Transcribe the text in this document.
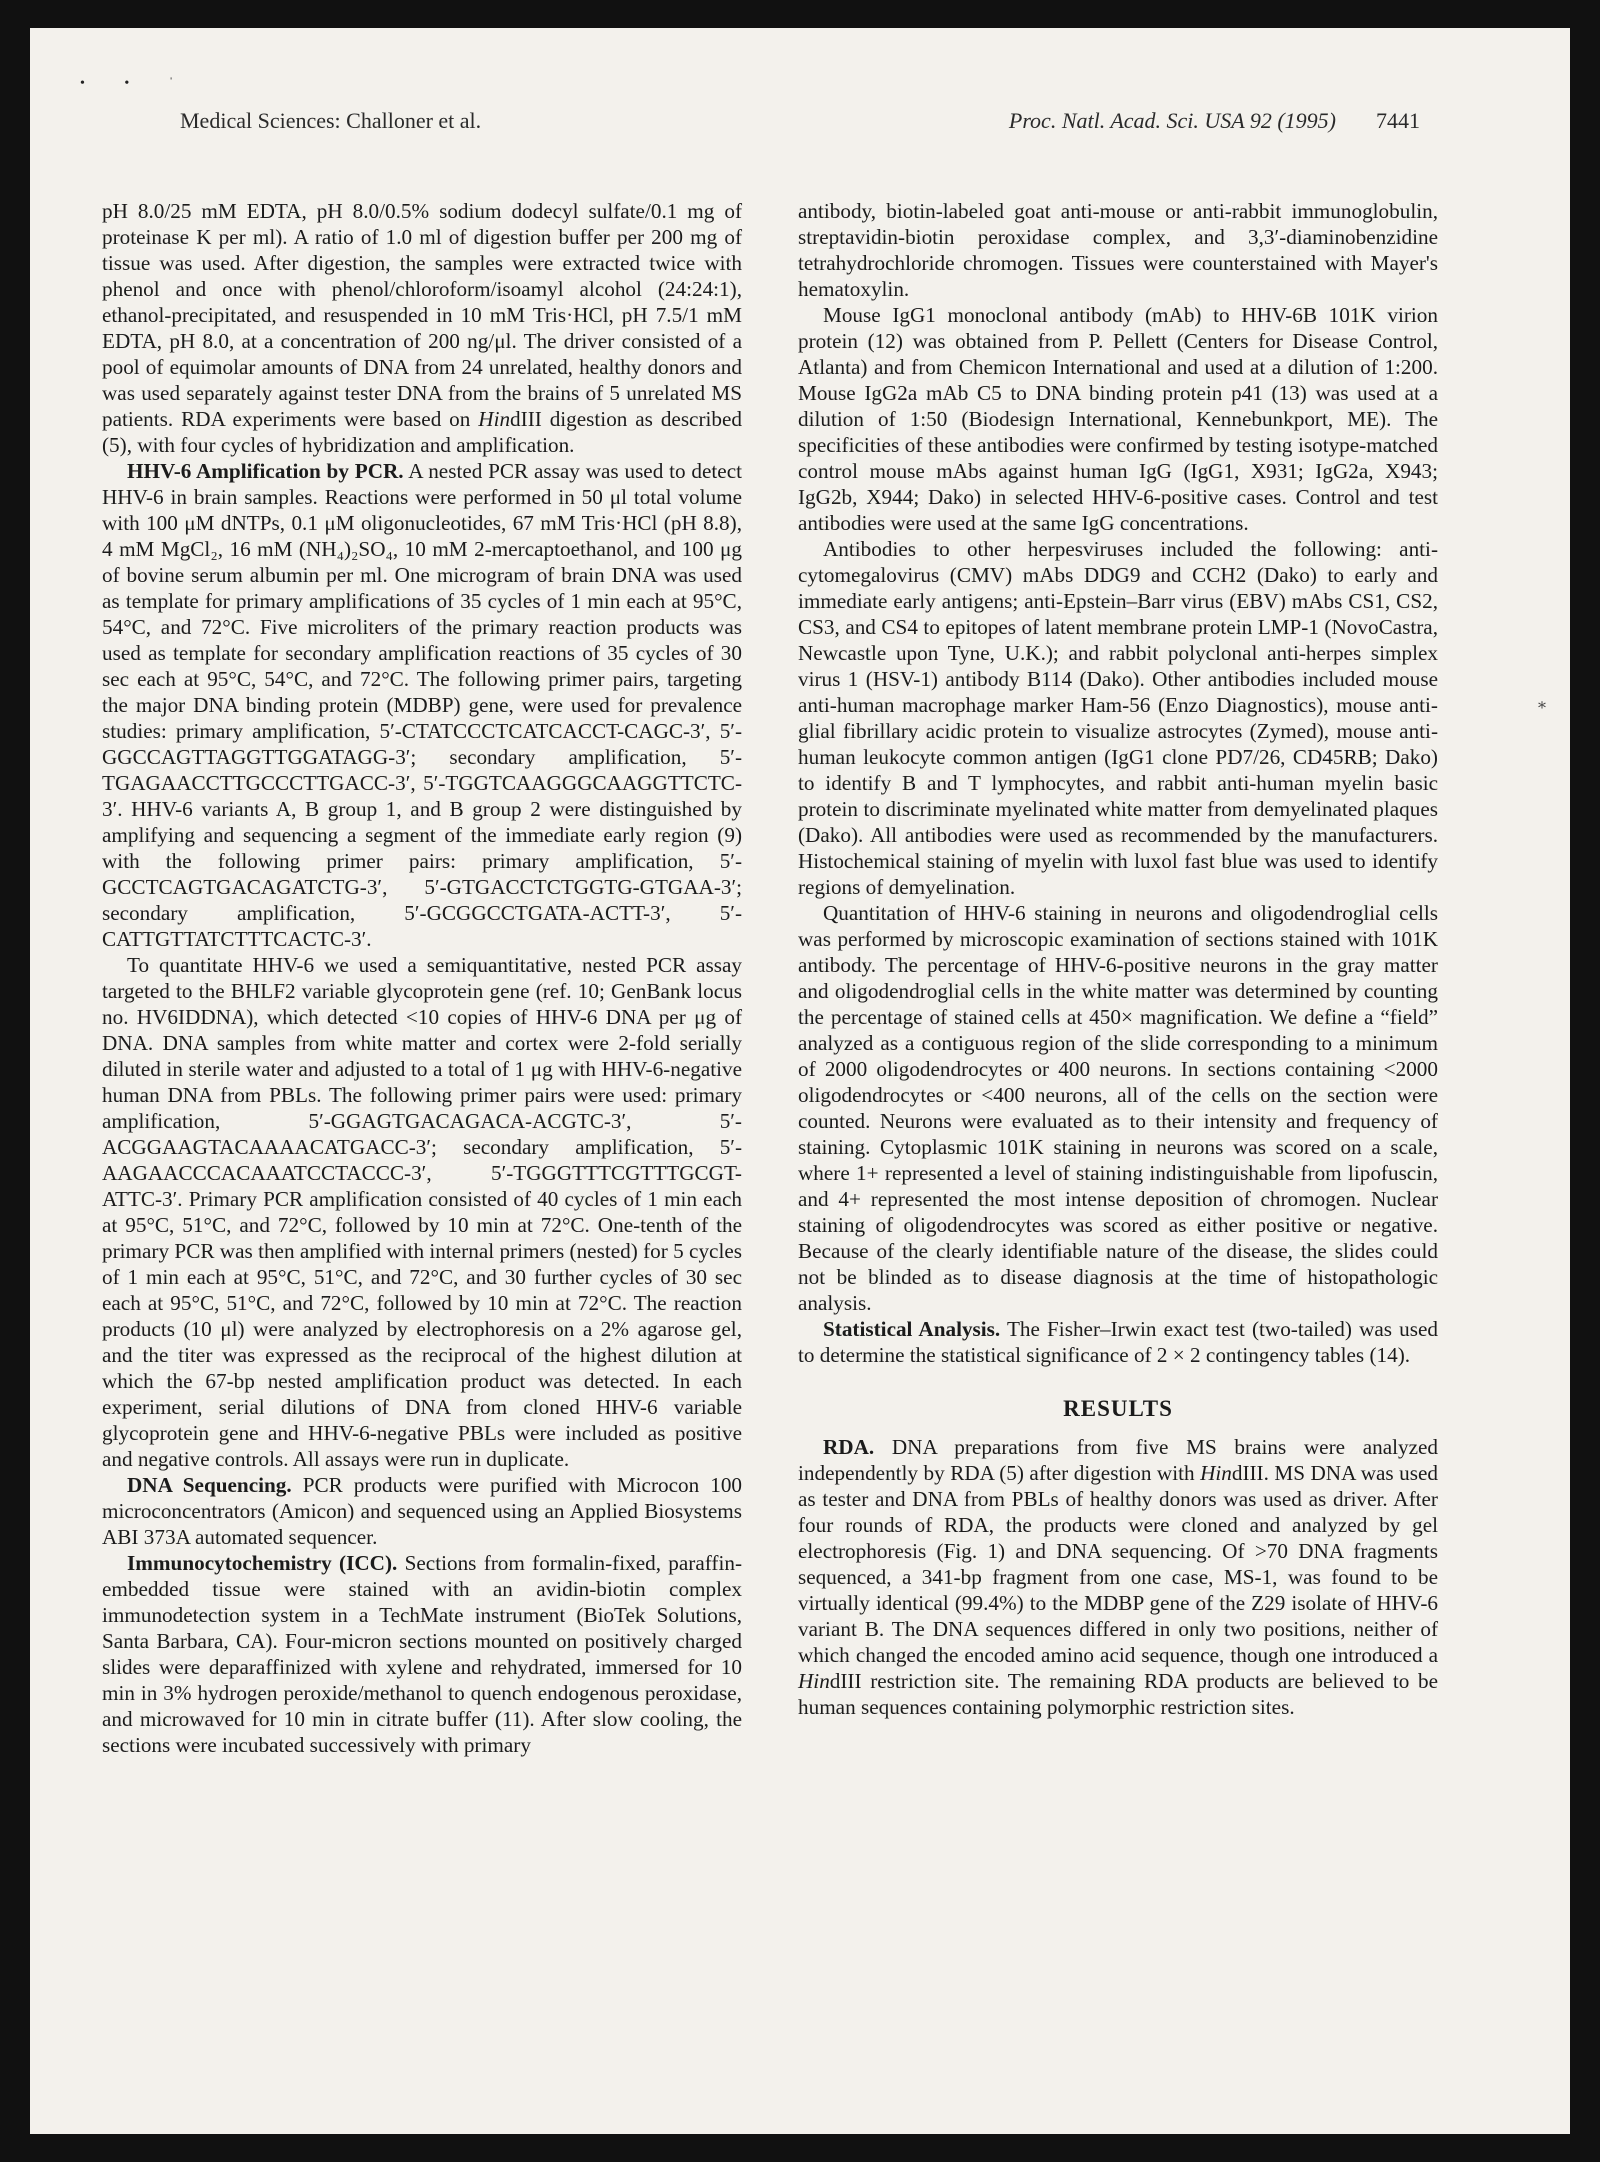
• • ˈ
⁎
Medical Sciences: Challoner et al.	Proc. Natl. Acad. Sci. USA 92 (1995) 7441

pH 8.0/25 mM EDTA, pH 8.0/0.5% sodium dodecyl sulfate/0.1 mg of proteinase K per ml). A ratio of 1.0 ml of digestion buffer per 200 mg of tissue was used. After digestion, the samples were extracted twice with phenol and once with phenol/chloroform/isoamyl alcohol (24:24:1), ethanol-precipitated, and resuspended in 10 mM Tris·HCl, pH 7.5/1 mM EDTA, pH 8.0, at a concentration of 200 ng/μl. The driver consisted of a pool of equimolar amounts of DNA from 24 unrelated, healthy donors and was used separately against tester DNA from the brains of 5 unrelated MS patients. RDA experiments were based on HindIII digestion as described (5), with four cycles of hybridization and amplification.

HHV-6 Amplification by PCR. A nested PCR assay was used to detect HHV-6 in brain samples. Reactions were performed in 50 μl total volume with 100 μM dNTPs, 0.1 μM oligonucleotides, 67 mM Tris·HCl (pH 8.8), 4 mM MgCl₂, 16 mM (NH₄)₂SO₄, 10 mM 2-mercaptoethanol, and 100 μg of bovine serum albumin per ml. One microgram of brain DNA was used as template for primary amplifications of 35 cycles of 1 min each at 95°C, 54°C, and 72°C. Five microliters of the primary reaction products was used as template for secondary amplification reactions of 35 cycles of 30 sec each at 95°C, 54°C, and 72°C. The following primer pairs, targeting the major DNA binding protein (MDBP) gene, were used for prevalence studies: primary amplification, 5′-CTATCCCTCATCACCT-CAGC-3′, 5′-GGCCAGTTAGGTTGGATAGG-3′; secondary amplification, 5′-TGAGAACCTTGCCCTTGACC-3′, 5′-TGGTCAAGGGCAAGGTTCTC-3′. HHV-6 variants A, B group 1, and B group 2 were distinguished by amplifying and sequencing a segment of the immediate early region (9) with the following primer pairs: primary amplification, 5′-GCCTCAGTGACAGATCTG-3′, 5′-GTGACCTCTGGTG-GTGAA-3′; secondary amplification, 5′-GCGGCCTGATA-ACTT-3′, 5′-CATTGTTATCTTTCACTC-3′.

To quantitate HHV-6 we used a semiquantitative, nested PCR assay targeted to the BHLF2 variable glycoprotein gene (ref. 10; GenBank locus no. HV6IDDNA), which detected <10 copies of HHV-6 DNA per μg of DNA. DNA samples from white matter and cortex were 2-fold serially diluted in sterile water and adjusted to a total of 1 μg with HHV-6-negative human DNA from PBLs. The following primer pairs were used: primary amplification, 5′-GGAGTGACAGACA-ACGTC-3′, 5′-ACGGAAGTACAAAACATGACC-3′; secondary amplification, 5′-AAGAACCCACAAATCCTACCC-3′, 5′-TGGGTTTCGTTTGCGT-ATTC-3′. Primary PCR amplification consisted of 40 cycles of 1 min each at 95°C, 51°C, and 72°C, followed by 10 min at 72°C. One-tenth of the primary PCR was then amplified with internal primers (nested) for 5 cycles of 1 min each at 95°C, 51°C, and 72°C, and 30 further cycles of 30 sec each at 95°C, 51°C, and 72°C, followed by 10 min at 72°C. The reaction products (10 μl) were analyzed by electrophoresis on a 2% agarose gel, and the titer was expressed as the reciprocal of the highest dilution at which the 67-bp nested amplification product was detected. In each experiment, serial dilutions of DNA from cloned HHV-6 variable glycoprotein gene and HHV-6-negative PBLs were included as positive and negative controls. All assays were run in duplicate.

DNA Sequencing. PCR products were purified with Microcon 100 microconcentrators (Amicon) and sequenced using an Applied Biosystems ABI 373A automated sequencer.

Immunocytochemistry (ICC). Sections from formalin-fixed, paraffin-embedded tissue were stained with an avidin-biotin complex immunodetection system in a TechMate instrument (BioTek Solutions, Santa Barbara, CA). Four-micron sections mounted on positively charged slides were deparaffinized with xylene and rehydrated, immersed for 10 min in 3% hydrogen peroxide/methanol to quench endogenous peroxidase, and microwaved for 10 min in citrate buffer (11). After slow cooling, the sections were incubated successively with primary

antibody, biotin-labeled goat anti-mouse or anti-rabbit immunoglobulin, streptavidin-biotin peroxidase complex, and 3,3′-diaminobenzidine tetrahydrochloride chromogen. Tissues were counterstained with Mayer's hematoxylin.

Mouse IgG1 monoclonal antibody (mAb) to HHV-6B 101K virion protein (12) was obtained from P. Pellett (Centers for Disease Control, Atlanta) and from Chemicon International and used at a dilution of 1:200. Mouse IgG2a mAb C5 to DNA binding protein p41 (13) was used at a dilution of 1:50 (Biodesign International, Kennebunkport, ME). The specificities of these antibodies were confirmed by testing isotype-matched control mouse mAbs against human IgG (IgG1, X931; IgG2a, X943; IgG2b, X944; Dako) in selected HHV-6-positive cases. Control and test antibodies were used at the same IgG concentrations.

Antibodies to other herpesviruses included the following: anti-cytomegalovirus (CMV) mAbs DDG9 and CCH2 (Dako) to early and immediate early antigens; anti-Epstein–Barr virus (EBV) mAbs CS1, CS2, CS3, and CS4 to epitopes of latent membrane protein LMP-1 (NovoCastra, Newcastle upon Tyne, U.K.); and rabbit polyclonal anti-herpes simplex virus 1 (HSV-1) antibody B114 (Dako). Other antibodies included mouse anti-human macrophage marker Ham-56 (Enzo Diagnostics), mouse anti-glial fibrillary acidic protein to visualize astrocytes (Zymed), mouse anti-human leukocyte common antigen (IgG1 clone PD7/26, CD45RB; Dako) to identify B and T lymphocytes, and rabbit anti-human myelin basic protein to discriminate myelinated white matter from demyelinated plaques (Dako). All antibodies were used as recommended by the manufacturers. Histochemical staining of myelin with luxol fast blue was used to identify regions of demyelination.

Quantitation of HHV-6 staining in neurons and oligodendroglial cells was performed by microscopic examination of sections stained with 101K antibody. The percentage of HHV-6-positive neurons in the gray matter and oligodendroglial cells in the white matter was determined by counting the percentage of stained cells at 450× magnification. We define a “field” analyzed as a contiguous region of the slide corresponding to a minimum of 2000 oligodendrocytes or 400 neurons. In sections containing <2000 oligodendrocytes or <400 neurons, all of the cells on the section were counted. Neurons were evaluated as to their intensity and frequency of staining. Cytoplasmic 101K staining in neurons was scored on a scale, where 1+ represented a level of staining indistinguishable from lipofuscin, and 4+ represented the most intense deposition of chromogen. Nuclear staining of oligodendrocytes was scored as either positive or negative. Because of the clearly identifiable nature of the disease, the slides could not be blinded as to disease diagnosis at the time of histopathologic analysis.

Statistical Analysis. The Fisher–Irwin exact test (two-tailed) was used to determine the statistical significance of 2 × 2 contingency tables (14).

RESULTS

RDA. DNA preparations from five MS brains were analyzed independently by RDA (5) after digestion with HindIII. MS DNA was used as tester and DNA from PBLs of healthy donors was used as driver. After four rounds of RDA, the products were cloned and analyzed by gel electrophoresis (Fig. 1) and DNA sequencing. Of >70 DNA fragments sequenced, a 341-bp fragment from one case, MS-1, was found to be virtually identical (99.4%) to the MDBP gene of the Z29 isolate of HHV-6 variant B. The DNA sequences differed in only two positions, neither of which changed the encoded amino acid sequence, though one introduced a HindIII restriction site. The remaining RDA products are believed to be human sequences containing polymorphic restriction sites.
